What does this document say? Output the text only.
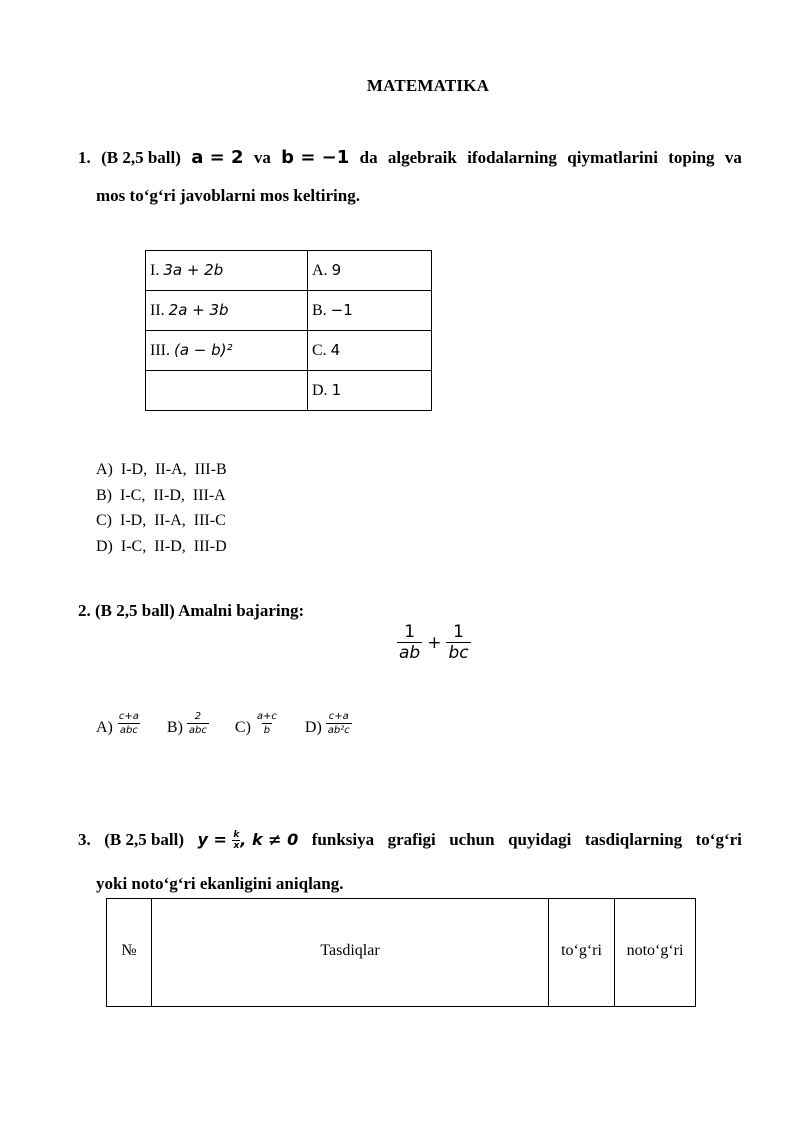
MATEMATIKA
1. (B 2,5 ball) a = 2 va b = −1 da algebraik ifodalarning qiymatlarini toping va
mos to‘g‘ri javoblarni mos keltiring.
I. 3a + 2b	A. 9
II. 2a + 3b	B. −1
III. (a − b)²	C. 4
	D. 1
A)  I-D,  II-A,  III-B
B)  I-C,  II-D,  III-A
C)  I-D,  II-A,  III-C
D)  I-C,  II-D,  III-D
2. (B 2,5 ball) Amalni bajaring:
$\frac{1}{ab} + \frac{1}{bc}$
$A) \frac{c+a}{\text{abc}} B) \frac{2}{\text{abc}} C) \frac{a+c}{b} D) \frac{c+a}{\text{ab²c}}$
3. (B 2,5 ball) $y = \frac{k}{x}$ , k ≠ 0 funksiya grafigi uchun quyidagi tasdiqlarning to‘g‘ri
yoki noto‘g‘ri ekanligini aniqlang.
№	Tasdiqlar	to‘g‘ri	noto‘g‘ri
